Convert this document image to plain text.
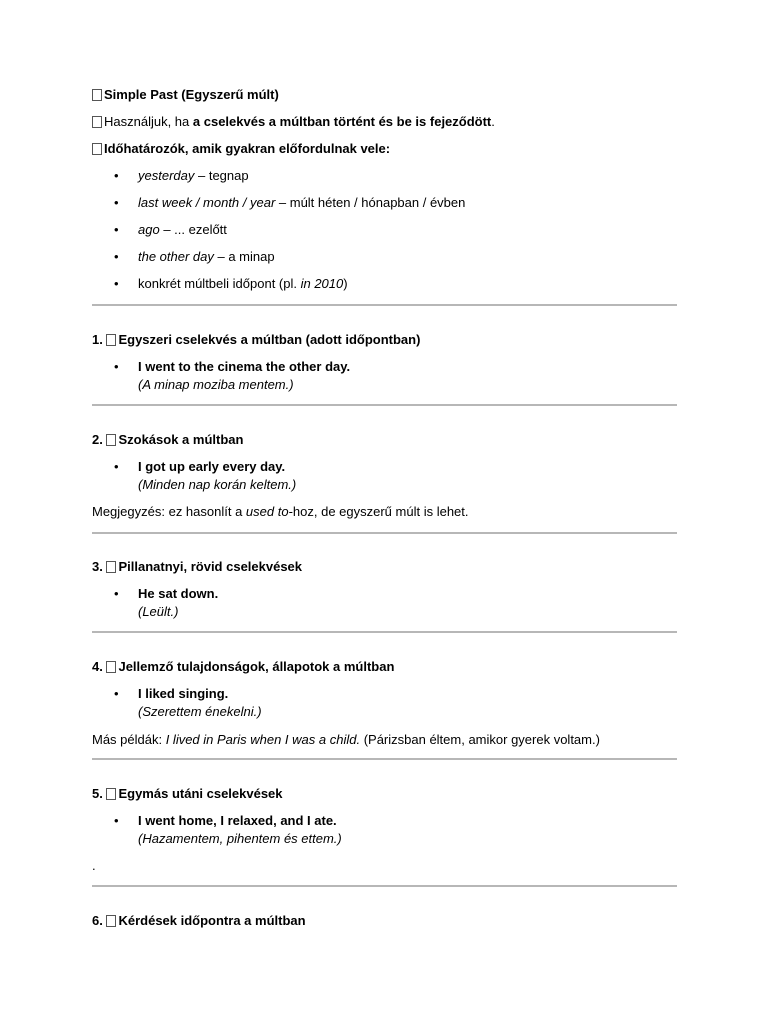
Simple Past (Egyszerű múlt)

Használjuk, ha a cselekvés a múltban történt és be is fejeződött.

Időhatározók, amik gyakran előfordulnak vele:

• yesterday – tegnap
• last week / month / year – múlt héten / hónapban / évben
• ago – ... ezelőtt
• the other day – a minap
• konkrét múltbeli időpont (pl. in 2010)

1. Egyszeri cselekvés a múltban (adott időpontban)

• I went to the cinema the other day.
(A minap moziba mentem.)

2. Szokások a múltban

• I got up early every day.
(Minden nap korán keltem.)

Megjegyzés: ez hasonlít a used to-hoz, de egyszerű múlt is lehet.

3. Pillanatnyi, rövid cselekvések

• He sat down.
(Leült.)

4. Jellemző tulajdonságok, állapotok a múltban

• I liked singing.
(Szerettem énekelni.)

Más példák: I lived in Paris when I was a child. (Párizsban éltem, amikor gyerek voltam.)

5. Egymás utáni cselekvések

• I went home, I relaxed, and I ate.
(Hazamentem, pihentem és ettem.)

.

6. Kérdések időpontra a múltban
